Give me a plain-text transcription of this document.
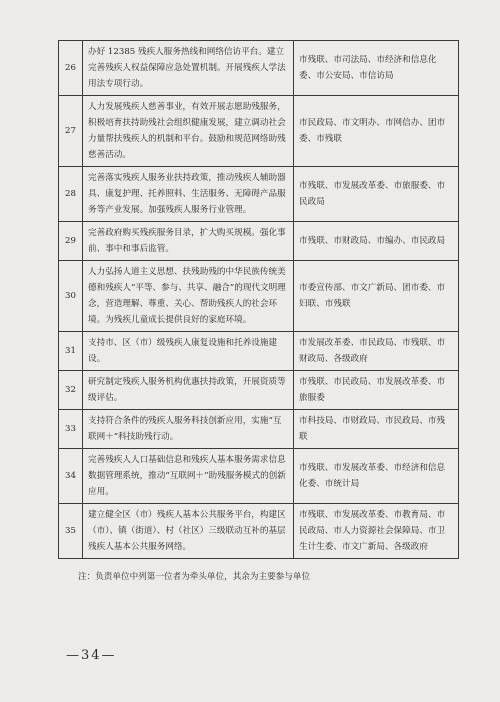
26	办好 12385 残疾人服务热线和网络信访平台。建立完善残疾人权益保障应急处置机制。开展残疾人学法用法专项行动。	市残联、市司法局、市经济和信息化委、市公安局、市信访局
27	人力发展残疾人慈善事业，有效开展志愿助残服务，积极培育扶持助残社会组织健康发展，建立调动社会力量帮扶残疾人的机制和平台。鼓励和规范网络助残慈善活动。	市民政局、市文明办、市网信办、团市委、市残联
28	完善落实残疾人服务业扶持政策，推动残疾人辅助器具、康复护理、托养照料、生活服务、无障碍产品服务等产业发展。加强残疾人服务行业管理。	市残联、市发展改革委、市旅服委、市民政局
29	完善政府购买残疾服务目录，扩大购买规模。强化事前、事中和事后监管。	市残联、市财政局、市编办、市民政局
30	人力弘扬人道主义思想、扶残助残的中华民族传统美德和残疾人“平等、参与、共享、融合”的现代文明理念，营造理解、尊重、关心、帮助残疾人的社会环境。为残疾儿童成长提供良好的家庭环境。	市委宣传部、市文广新局、团市委、市妇联、市残联
31	支持市、区（市）级残疾人康复设施和托养设施建设。	市发展改革委、市民政局、市残联、市财政局、各级政府
32	研究制定残疾人服务机构优惠扶持政策，开展资质等级评估。	市残联、市民政局、市发展改革委、市旅服委
33	支持符合条件的残疾人服务科技创新应用，实施“互联网＋”科技助残行动。	市科技局、市财政局、市民政局、市残联
34	完善残疾人人口基础信息和残疾人基本服务需求信息数据管理系统，推动“互联网＋”助残服务模式的创新应用。	市残联、市发展改革委、市经济和信息化委、市统计局
35	建立健全区（市）残疾人基本公共服务平台，构建区（市）、镇（街道）、村（社区）三级联动互补的基层残疾人基本公共服务网络。	市残联、市发展改革委、市教育局、市民政局、市人力资源社会保障局、市卫生计生委、市文广新局、各级政府
注：负责单位中列第一位者为牵头单位，其余为主要参与单位
—34—
